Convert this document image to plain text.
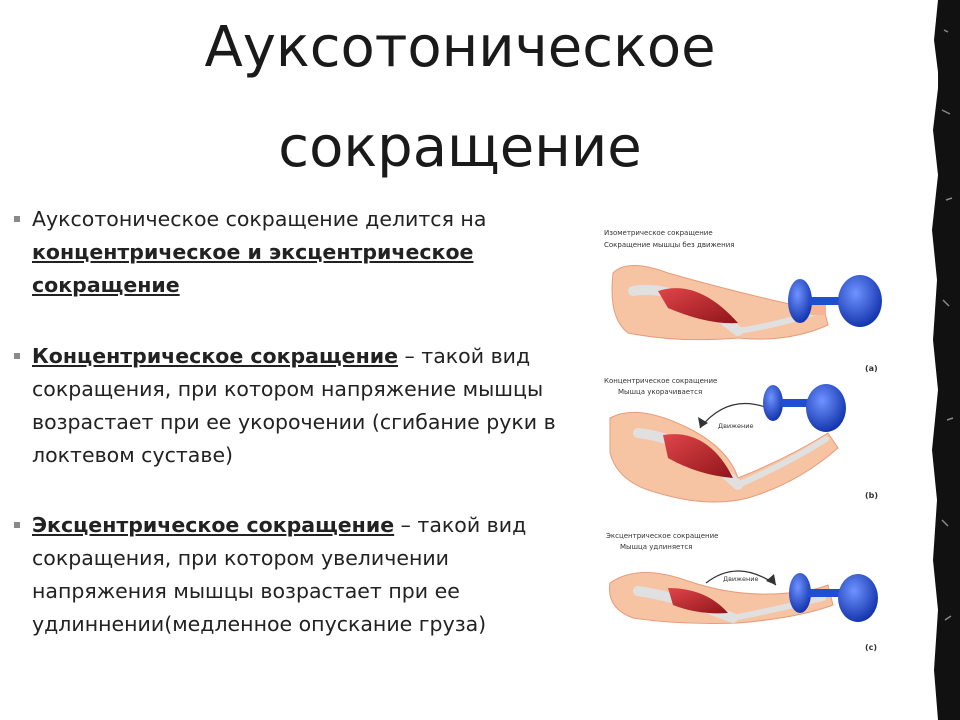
Ауксотоническое
сокращение
Ауксотоническое сокращение делится на концентрическое и эксцентрическое сокращение
Концентрическое сокращение – такой вид сокращения, при котором напряжение мышцы возрастает при ее укорочении (сгибание руки в локтевом суставе)
Эксцентрическое сокращение – такой вид сокращения, при котором увеличении напряжения мышцы возрастает при ее удлиннении(медленное опускание груза)
Изометрическое сокращение
Сокращение мышцы без движения
(a)
Концентрическое сокращение
Мышца укорачивается
Движение
(b)
Эксцентрическое сокращение
Мышца удлиняется
Движение
(c)
